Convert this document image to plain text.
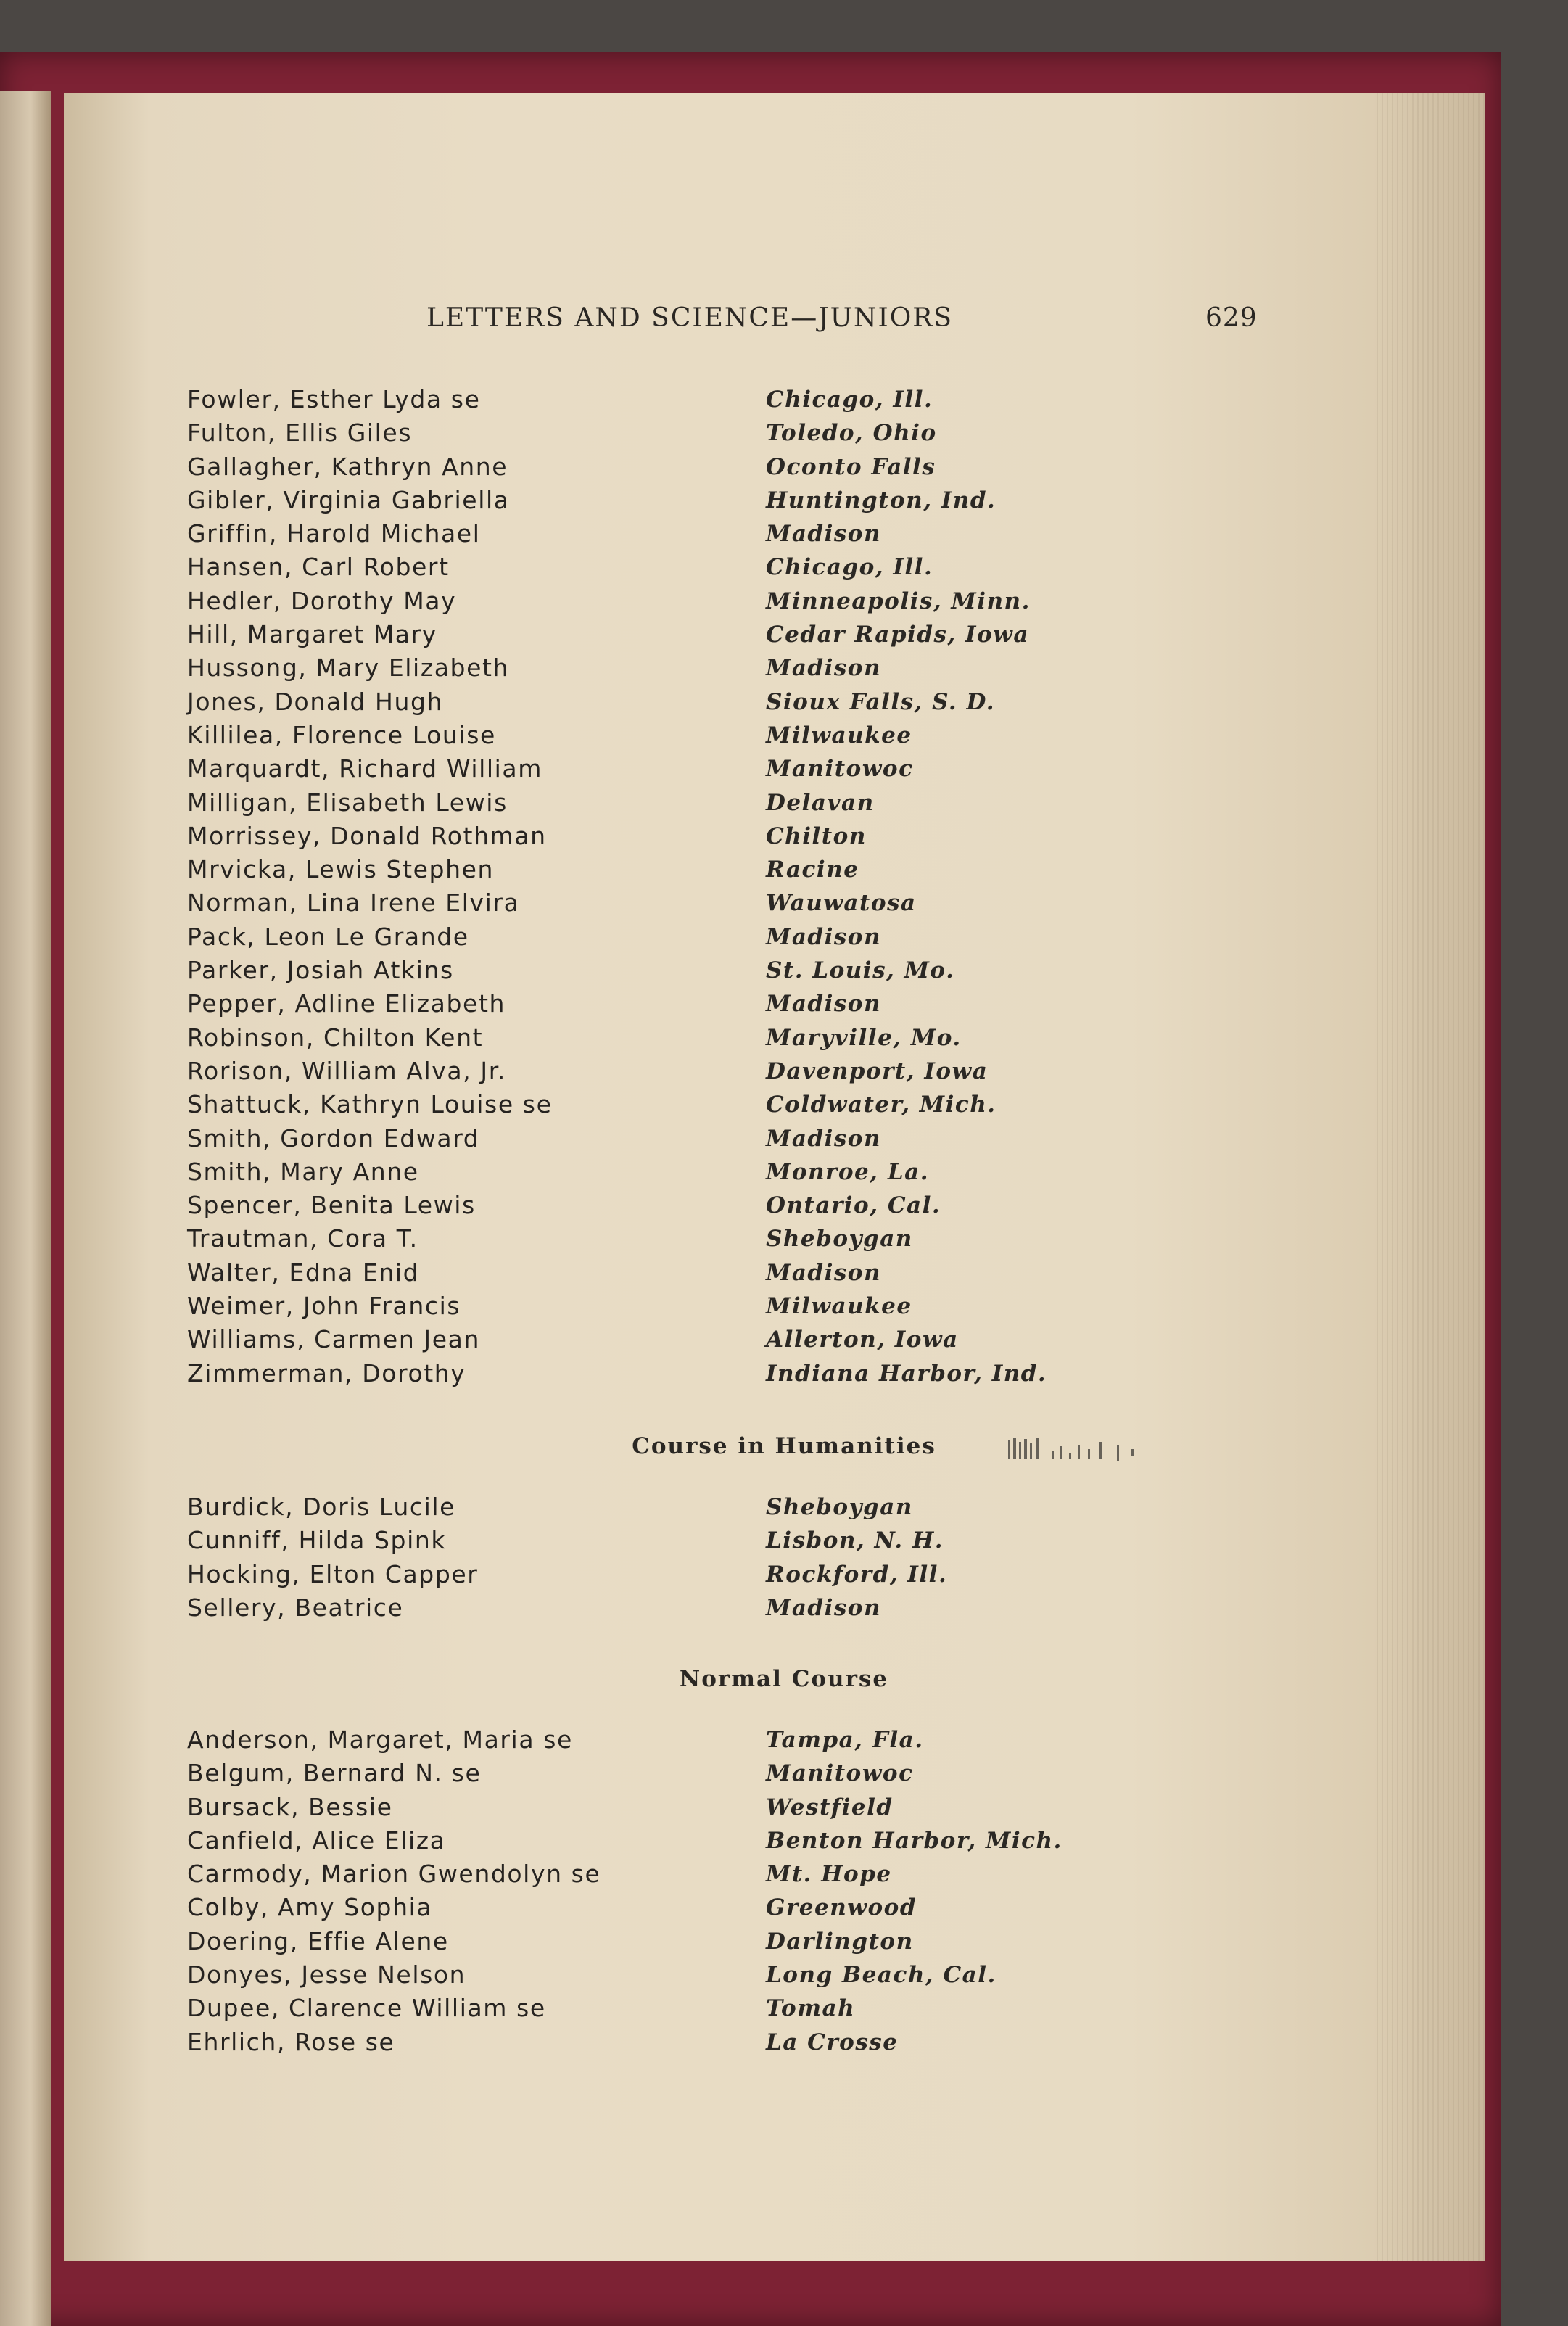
LETTERS AND SCIENCE—JUNIORS	629
Fowler, Esther Lyda se	Chicago, Ill.
Fulton, Ellis Giles	Toledo, Ohio
Gallagher, Kathryn Anne	Oconto Falls
Gibler, Virginia Gabriella	Huntington, Ind.
Griffin, Harold Michael	Madison
Hansen, Carl Robert	Chicago, Ill.
Hedler, Dorothy May	Minneapolis, Minn.
Hill, Margaret Mary	Cedar Rapids, Iowa
Hussong, Mary Elizabeth	Madison
Jones, Donald Hugh	Sioux Falls, S. D.
Killilea, Florence Louise	Milwaukee
Marquardt, Richard William	Manitowoc
Milligan, Elisabeth Lewis	Delavan
Morrissey, Donald Rothman	Chilton
Mrvicka, Lewis Stephen	Racine
Norman, Lina Irene Elvira	Wauwatosa
Pack, Leon Le Grande	Madison
Parker, Josiah Atkins	St. Louis, Mo.
Pepper, Adline Elizabeth	Madison
Robinson, Chilton Kent	Maryville, Mo.
Rorison, William Alva, Jr.	Davenport, Iowa
Shattuck, Kathryn Louise se	Coldwater, Mich.
Smith, Gordon Edward	Madison
Smith, Mary Anne	Monroe, La.
Spencer, Benita Lewis	Ontario, Cal.
Trautman, Cora T.	Sheboygan
Walter, Edna Enid	Madison
Weimer, John Francis	Milwaukee
Williams, Carmen Jean	Allerton, Iowa
Zimmerman, Dorothy	Indiana Harbor, Ind.
Course in Humanities
Burdick, Doris Lucile	Sheboygan
Cunniff, Hilda Spink	Lisbon, N. H.
Hocking, Elton Capper	Rockford, Ill.
Sellery, Beatrice	Madison
Normal Course
Anderson, Margaret, Maria se	Tampa, Fla.
Belgum, Bernard N. se	Manitowoc
Bursack, Bessie	Westfield
Canfield, Alice Eliza	Benton Harbor, Mich.
Carmody, Marion Gwendolyn se	Mt. Hope
Colby, Amy Sophia	Greenwood
Doering, Effie Alene	Darlington
Donyes, Jesse Nelson	Long Beach, Cal.
Dupee, Clarence William se	Tomah
Ehrlich, Rose se	La Crosse
